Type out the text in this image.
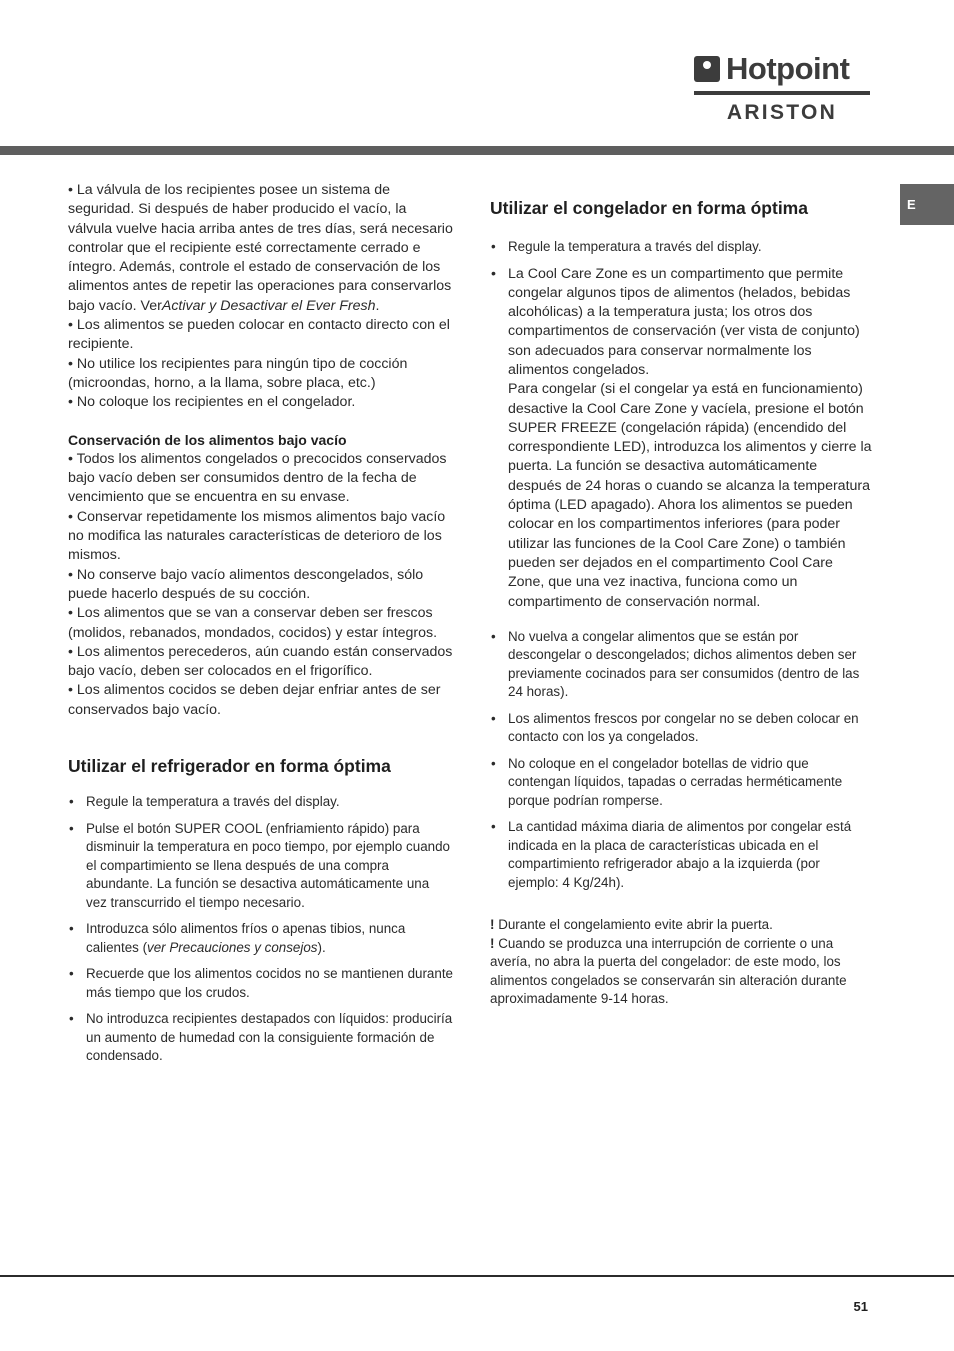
Hotpoint
ARISTON
E

• La válvula de los recipientes posee un sistema de seguridad. Si después de haber producido el vacío, la válvula vuelve hacia arriba antes de tres días, será necesario controlar que el recipiente esté correctamente cerrado e íntegro. Además, controle el estado de conservación de los alimentos antes de repetir las operaciones para conservarlos bajo vacío. VerActivar y Desactivar el Ever Fresh.

• Los alimentos se pueden colocar en contacto directo con el recipiente.

• No utilice los recipientes para ningún tipo de cocción (microondas, horno, a la llama, sobre placa, etc.)

• No coloque los recipientes en el congelador.

Conservación de los alimentos bajo vacío

• Todos los alimentos congelados o precocidos conservados bajo vacío deben ser consumidos dentro de la fecha de vencimiento que se encuentra en su envase.

• Conservar repetidamente los mismos alimentos bajo vacío no modifica las naturales características de deterioro de los mismos.

• No conserve bajo vacío alimentos descongelados, sólo puede hacerlo después de su cocción.

• Los alimentos que se van a conservar deben ser frescos (molidos, rebanados, mondados, cocidos) y estar íntegros.

• Los alimentos perecederos, aún cuando están conservados bajo vacío, deben ser colocados en el frigorífico.

• Los alimentos cocidos se deben dejar enfriar antes de ser conservados bajo vacío.

Utilizar el refrigerador en forma óptima
• Regule la temperatura a través del display.
• Pulse el botón SUPER COOL (enfriamiento rápido) para disminuir la temperatura en poco tiempo, por ejemplo cuando el compartimiento se llena después de una compra abundante. La función se desactiva automáticamente una vez transcurrido el tiempo necesario.
• Introduzca sólo alimentos fríos o apenas tibios, nunca calientes (ver Precauciones y consejos).
• Recuerde que los alimentos cocidos no se mantienen durante más tiempo que los crudos.
• No introduzca recipientes destapados con líquidos: produciría un aumento de humedad con la consiguiente formación de condensado.
Utilizar el congelador en forma óptima
• Regule la temperatura a través del display.
• La Cool Care Zone es un compartimento que permite congelar algunos tipos de alimentos (helados, bebidas alcohólicas) a la temperatura justa; los otros dos compartimentos de conservación (ver vista de conjunto) son adecuados para conservar normalmente los alimentos congelados.
Para congelar (si el congelar ya está en funcionamiento) desactive la Cool Care Zone y vacíela, presione el botón SUPER FREEZE (congelación rápida) (encendido del correspondiente LED), introduzca los alimentos y cierre la puerta. La función se desactiva automáticamente después de 24 horas o cuando se alcanza la temperatura óptima (LED apagado). Ahora los alimentos se pueden colocar en los compartimentos inferiores (para poder utilizar las funciones de la Cool Care Zone) o también pueden ser dejados en el compartimento Cool Care Zone, que una vez inactiva, funciona como un compartimento de conservación normal.
• No vuelva a congelar alimentos que se están por descongelar o descongelados; dichos alimentos deben ser previamente cocinados para ser consumidos (dentro de las 24 horas).
• Los alimentos frescos por congelar no se deben colocar en contacto con los ya congelados.
• No coloque en el congelador botellas de vidrio que contengan líquidos, tapadas o cerradas herméticamente porque podrían romperse.
• La cantidad máxima diaria de alimentos por congelar está indicada en la placa de características ubicada en el compartimiento refrigerador abajo a la izquierda (por ejemplo: 4 Kg/24h).

! Durante el congelamiento evite abrir la puerta.

! Cuando se produzca una interrupción de corriente o una avería, no abra la puerta del congelador: de este modo, los alimentos congelados se conservarán sin alteración durante aproximadamente 9-14 horas.

51
